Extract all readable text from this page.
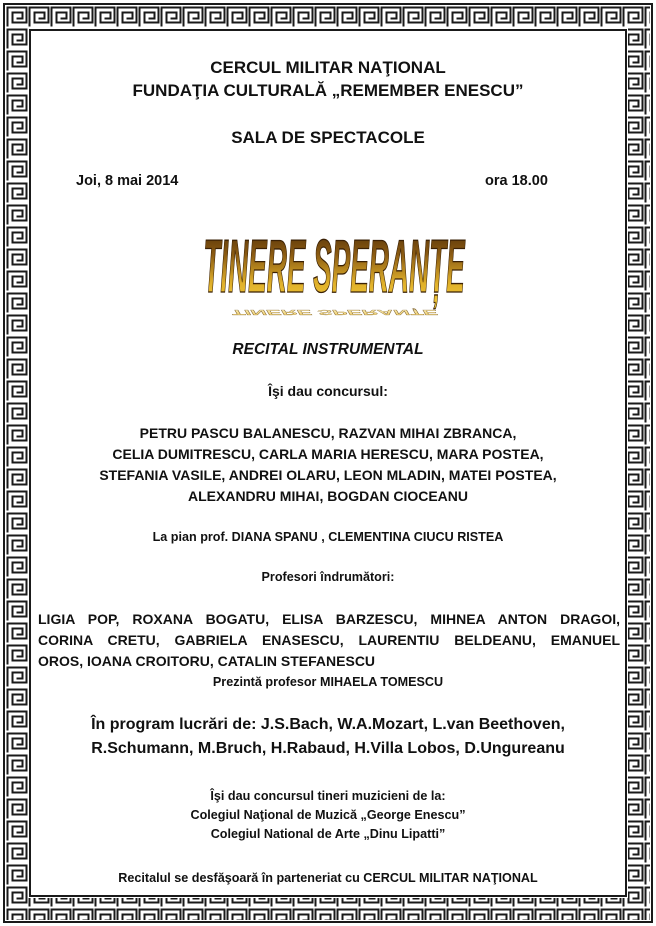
CERCUL MILITAR NAŢIONAL
FUNDAŢIA CULTURALĂ „REMEMBER ENESCU”
SALA DE SPECTACOLE
Joi, 8 mai 2014	ora 18.00
TINERE SPERANȚE
TINERE SPERANȚE
RECITAL INSTRUMENTAL
Îşi dau concursul:
PETRU PASCU BALANESCU, RAZVAN MIHAI ZBRANCA,
CELIA DUMITRESCU, CARLA MARIA HERESCU, MARA POSTEA,
STEFANIA VASILE, ANDREI OLARU, LEON MLADIN, MATEI POSTEA,
ALEXANDRU MIHAI, BOGDAN CIOCEANU
La pian prof. DIANA SPANU , CLEMENTINA CIUCU RISTEA
Profesori îndrumători:
LIGIA POP, ROXANA BOGATU, ELISA BARZESCU, MIHNEA ANTON DRAGOI,
CORINA CRETU, GABRIELA ENASESCU, LAURENTIU BELDEANU, EMANUEL
OROS, IOANA CROITORU, CATALIN STEFANESCU
Prezintă profesor MIHAELA TOMESCU
În program lucrări de: J.S.Bach, W.A.Mozart, L.van Beethoven,
R.Schumann, M.Bruch, H.Rabaud, H.Villa Lobos, D.Ungureanu
Îşi dau concursul tineri muzicieni de la:
Colegiul Naţional de Muzică „George Enescu”
Colegiul National de Arte „Dinu Lipatti”
Recitalul se desfăşoară în parteneriat cu CERCUL MILITAR NAŢIONAL
